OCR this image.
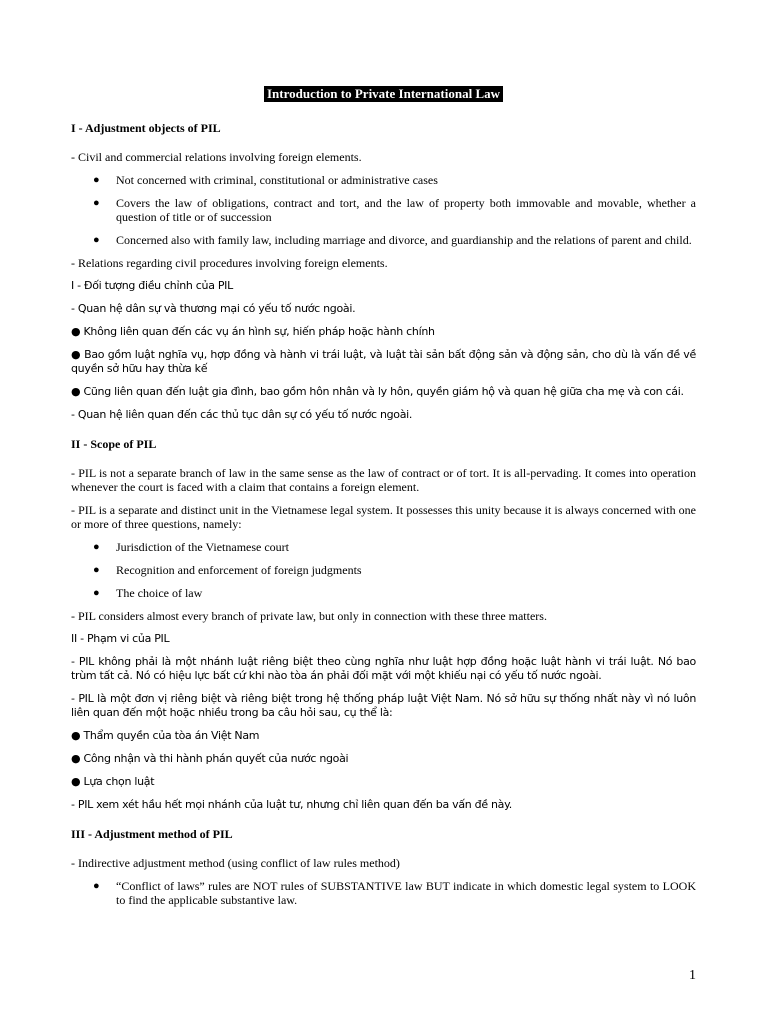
Introduction to Private International Law
I - Adjustment objects of PIL

- Civil and commercial relations involving foreign elements.

● Not concerned with criminal, constitutional or administrative cases
● Covers the law of obligations, contract and tort, and the law of property both immovable and movable, whether a question of title or of succession
● Concerned also with family law, including marriage and divorce, and guardianship and the relations of parent and child.

- Relations regarding civil procedures involving foreign elements.

I - Đối tượng điều chỉnh của PIL

- Quan hệ dân sự và thương mại có yếu tố nước ngoài.

● Không liên quan đến các vụ án hình sự, hiến pháp hoặc hành chính

● Bao gồm luật nghĩa vụ, hợp đồng và hành vi trái luật, và luật tài sản bất động sản và động sản, cho dù là vấn đề về quyền sở hữu hay thừa kế

● Cũng liên quan đến luật gia đình, bao gồm hôn nhân và ly hôn, quyền giám hộ và quan hệ giữa cha mẹ và con cái.

- Quan hệ liên quan đến các thủ tục dân sự có yếu tố nước ngoài.

II - Scope of PIL

- PIL is not a separate branch of law in the same sense as the law of contract or of tort. It is all-pervading. It comes into operation whenever the court is faced with a claim that contains a foreign element.

- PIL is a separate and distinct unit in the Vietnamese legal system. It possesses this unity because it is always concerned with one or more of three questions, namely:

● Jurisdiction of the Vietnamese court
● Recognition and enforcement of foreign judgments
● The choice of law

- PIL considers almost every branch of private law, but only in connection with these three matters.

II - Phạm vi của PIL

- PIL không phải là một nhánh luật riêng biệt theo cùng nghĩa như luật hợp đồng hoặc luật hành vi trái luật. Nó bao trùm tất cả. Nó có hiệu lực bất cứ khi nào tòa án phải đối mặt với một khiếu nại có yếu tố nước ngoài.

- PIL là một đơn vị riêng biệt và riêng biệt trong hệ thống pháp luật Việt Nam. Nó sở hữu sự thống nhất này vì nó luôn liên quan đến một hoặc nhiều trong ba câu hỏi sau, cụ thể là:

● Thẩm quyền của tòa án Việt Nam

● Công nhận và thi hành phán quyết của nước ngoài

● Lựa chọn luật

- PIL xem xét hầu hết mọi nhánh của luật tư, nhưng chỉ liên quan đến ba vấn đề này.

III - Adjustment method of PIL

- Indirective adjustment method (using conflict of law rules method)

● “Conflict of laws” rules are NOT rules of SUBSTANTIVE law BUT indicate in which domestic legal system to LOOK to find the applicable substantive law.
1
